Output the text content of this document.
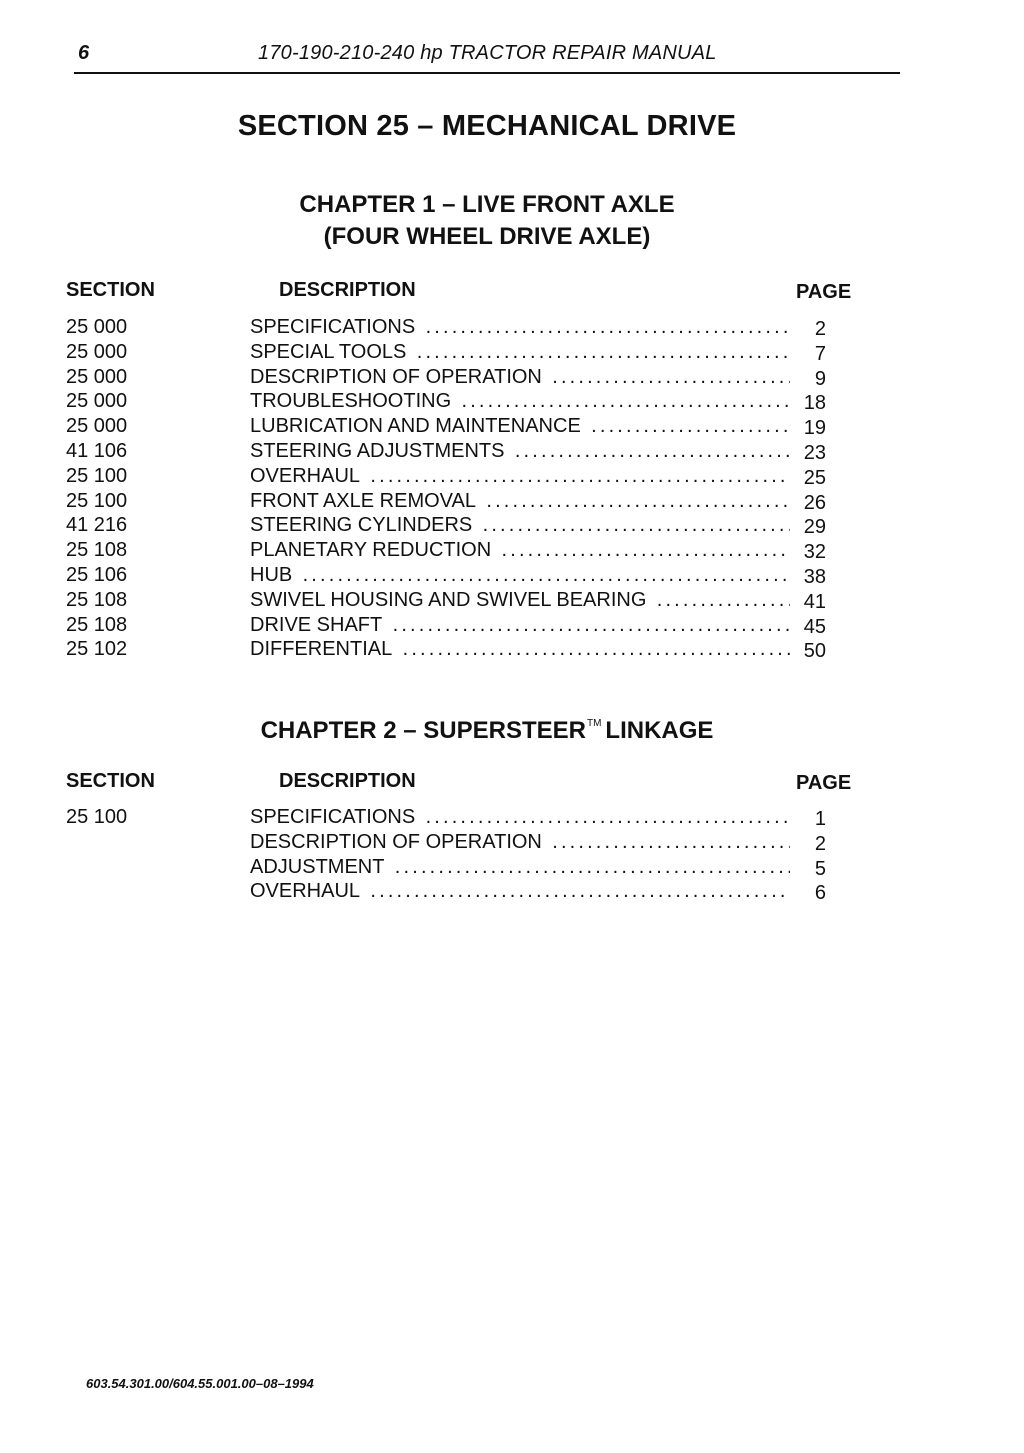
6	170-190-210-240 hp TRACTOR REPAIR MANUAL
SECTION 25 – MECHANICAL DRIVE
CHAPTER 1 – LIVE FRONT AXLE
(FOUR WHEEL DRIVE AXLE)
SECTION	DESCRIPTION	PAGE
25 000	SPECIFICATIONS . . .	2
25 000	SPECIAL TOOLS . . .	7
25 000	DESCRIPTION OF OPERATION . . .	9
25 000	TROUBLESHOOTING . . .	18
25 000	LUBRICATION AND MAINTENANCE . . .	19
41 106	STEERING ADJUSTMENTS . . .	23
25 100	OVERHAUL . . .	25
25 100	FRONT AXLE REMOVAL . . .	26
41 216	STEERING CYLINDERS . . .	29
25 108	PLANETARY REDUCTION . . .	32
25 106	HUB . . .	38
25 108	SWIVEL HOUSING AND SWIVEL BEARING . . .	41
25 108	DRIVE SHAFT . . .	45
25 102	DIFFERENTIAL . . .	50
CHAPTER 2 – SUPERSTEER™ LINKAGE
SECTION	DESCRIPTION	PAGE
25 100	SPECIFICATIONS . . .	1
DESCRIPTION OF OPERATION . . .	2
ADJUSTMENT . . .	5
OVERHAUL . . .	6
603.54.301.00/604.55.001.00–08–1994
